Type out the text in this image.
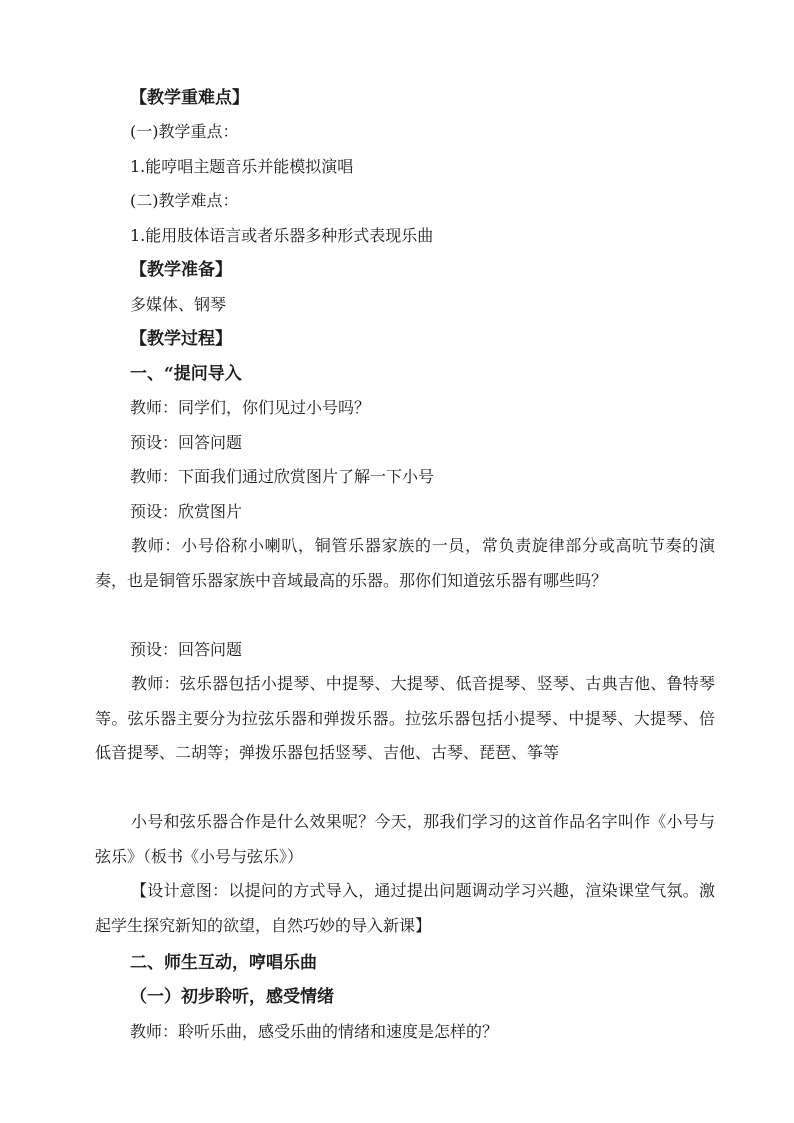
【教学重难点】
(一)教学重点：
1.能哼唱主题音乐并能模拟演唱
(二)教学难点：
1.能用肢体语言或者乐器多种形式表现乐曲
【教学准备】
多媒体、钢琴
【教学过程】
一、“提问导入
教师：同学们，你们见过小号吗？
预设：回答问题
教师：下面我们通过欣赏图片了解一下小号
预设：欣赏图片
教师：小号俗称小喇叭，铜管乐器家族的一员，常负责旋律部分或高吭节奏的演奏，也是铜管乐器家族中音域最高的乐器。那你们知道弦乐器有哪些吗？
预设：回答问题
教师：弦乐器包括小提琴、中提琴、大提琴、低音提琴、竖琴、古典吉他、鲁特琴等。弦乐器主要分为拉弦乐器和弹拨乐器。拉弦乐器包括小提琴、中提琴、大提琴、倍低音提琴、二胡等；弹拨乐器包括竖琴、吉他、古琴、琵琶、筝等
小号和弦乐器合作是什么效果呢？今天，那我们学习的这首作品名字叫作《小号与弦乐》（板书《小号与弦乐》）
【设计意图：以提问的方式导入，通过提出问题调动学习兴趣，渲染课堂气氛。激起学生探究新知的欲望，自然巧妙的导入新课】
二、师生互动，哼唱乐曲
（一）初步聆听，感受情绪
教师：聆听乐曲，感受乐曲的情绪和速度是怎样的？
